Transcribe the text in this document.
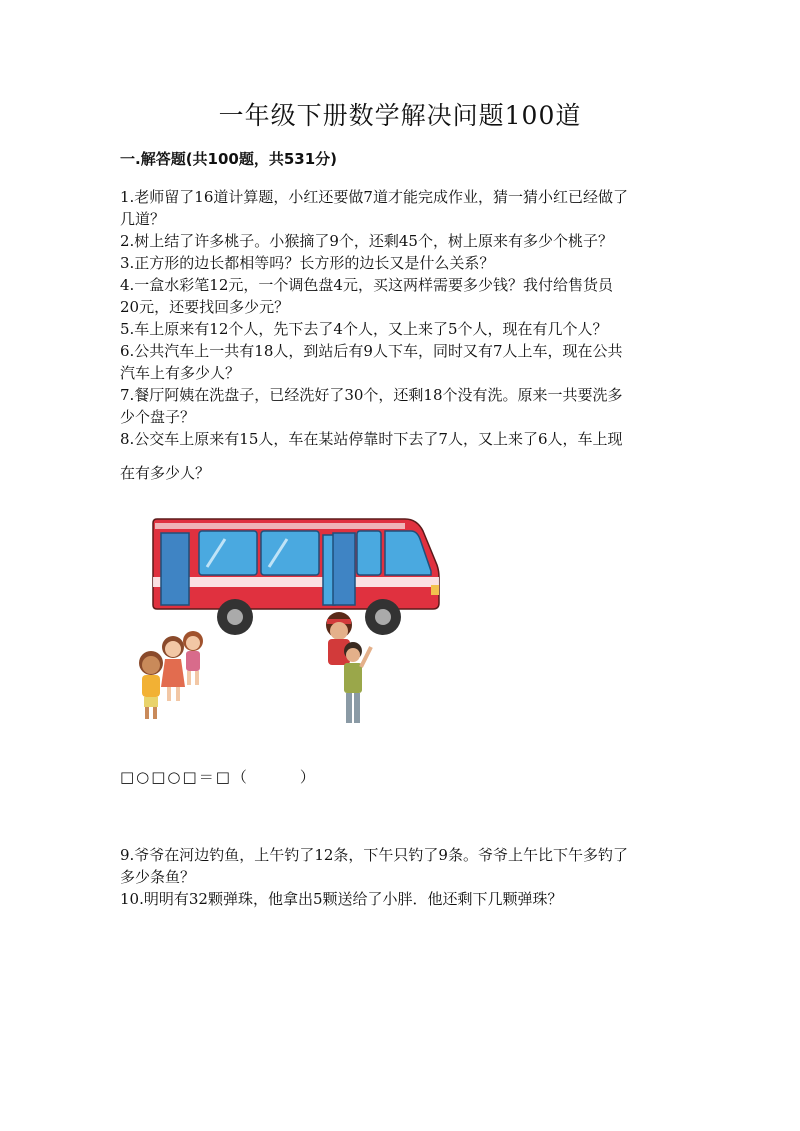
一年级下册数学解决问题100道
一.解答题(共100题，共531分)
1.老师留了16道计算题，小红还要做7道才能完成作业，猜一猜小红已经做了
几道？
2.树上结了许多桃子。小猴摘了9个，还剩45个，树上原来有多少个桃子？
3.正方形的边长都相等吗？长方形的边长又是什么关系？
4.一盒水彩笔12元，一个调色盘4元，买这两样需要多少钱？我付给售货员
20元，还要找回多少元？
5.车上原来有12个人，先下去了4个人，又上来了5个人，现在有几个人？
6.公共汽车上一共有18人，到站后有9人下车，同时又有7人上车，现在公共
汽车上有多少人？
7.餐厅阿姨在洗盘子，已经洗好了30个，还剩18个没有洗。原来一共要洗多
少个盘子？
8.公交车上原来有15人，车在某站停靠时下去了7人，又上来了6人，车上现
在有多少人？
□○□○□＝□（　　　）
9.爷爷在河边钓鱼，上午钓了12条，下午只钓了9条。爷爷上午比下午多钓了
多少条鱼？
10.明明有32颗弹珠，他拿出5颗送给了小胖．他还剩下几颗弹珠？
